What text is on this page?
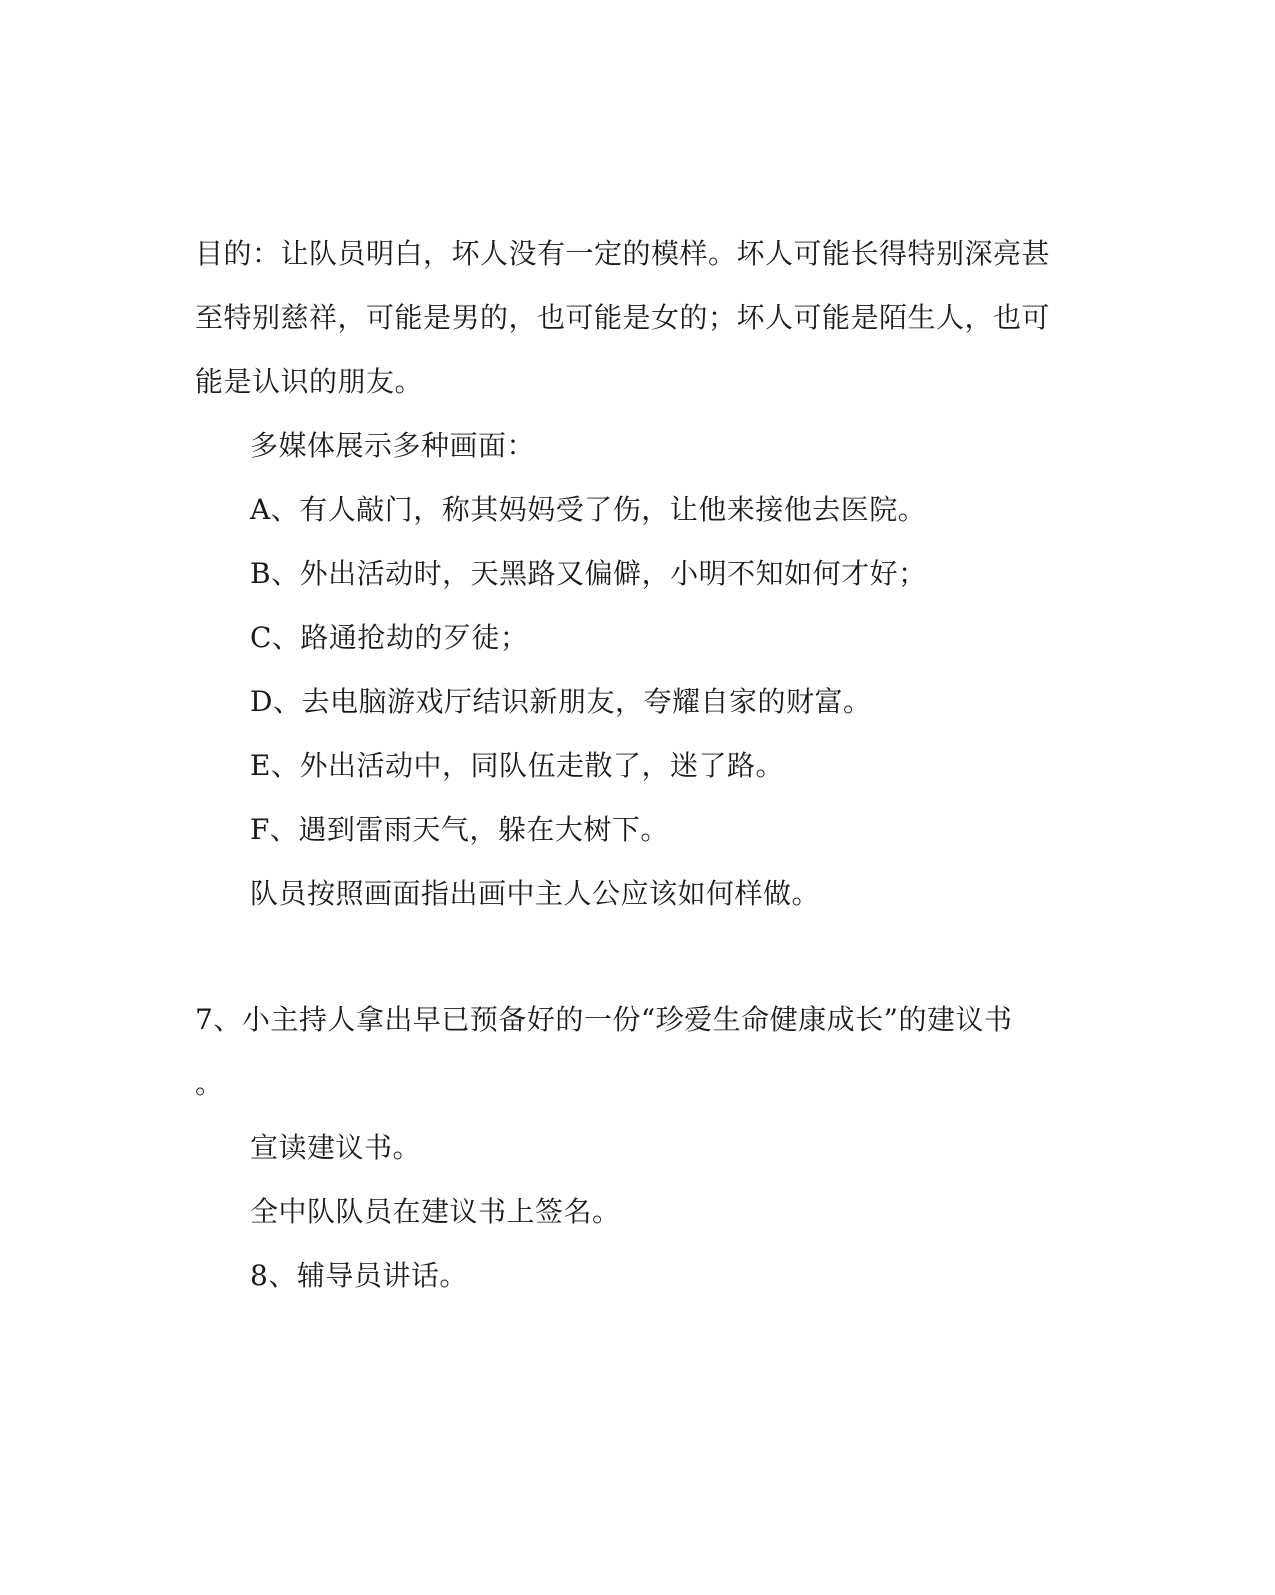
目的：让队员明白，坏人没有一定的模样。坏人可能长得特别深亮甚
至特别慈祥，可能是男的，也可能是女的；坏人可能是陌生人，也可
能是认识的朋友。
多媒体展示多种画面：
A、有人敲门，称其妈妈受了伤，让他来接他去医院。
B、外出活动时，天黑路又偏僻，小明不知如何才好；
C、路通抢劫的歹徒；
D、去电脑游戏厅结识新朋友，夸耀自家的财富。
E、外出活动中，同队伍走散了，迷了路。
F、遇到雷雨天气，躲在大树下。
队员按照画面指出画中主人公应该如何样做。
7、小主持人拿出早已预备好的一份“珍爱生命健康成长”的建议书
。
宣读建议书。
全中队队员在建议书上签名。
8、辅导员讲话。
